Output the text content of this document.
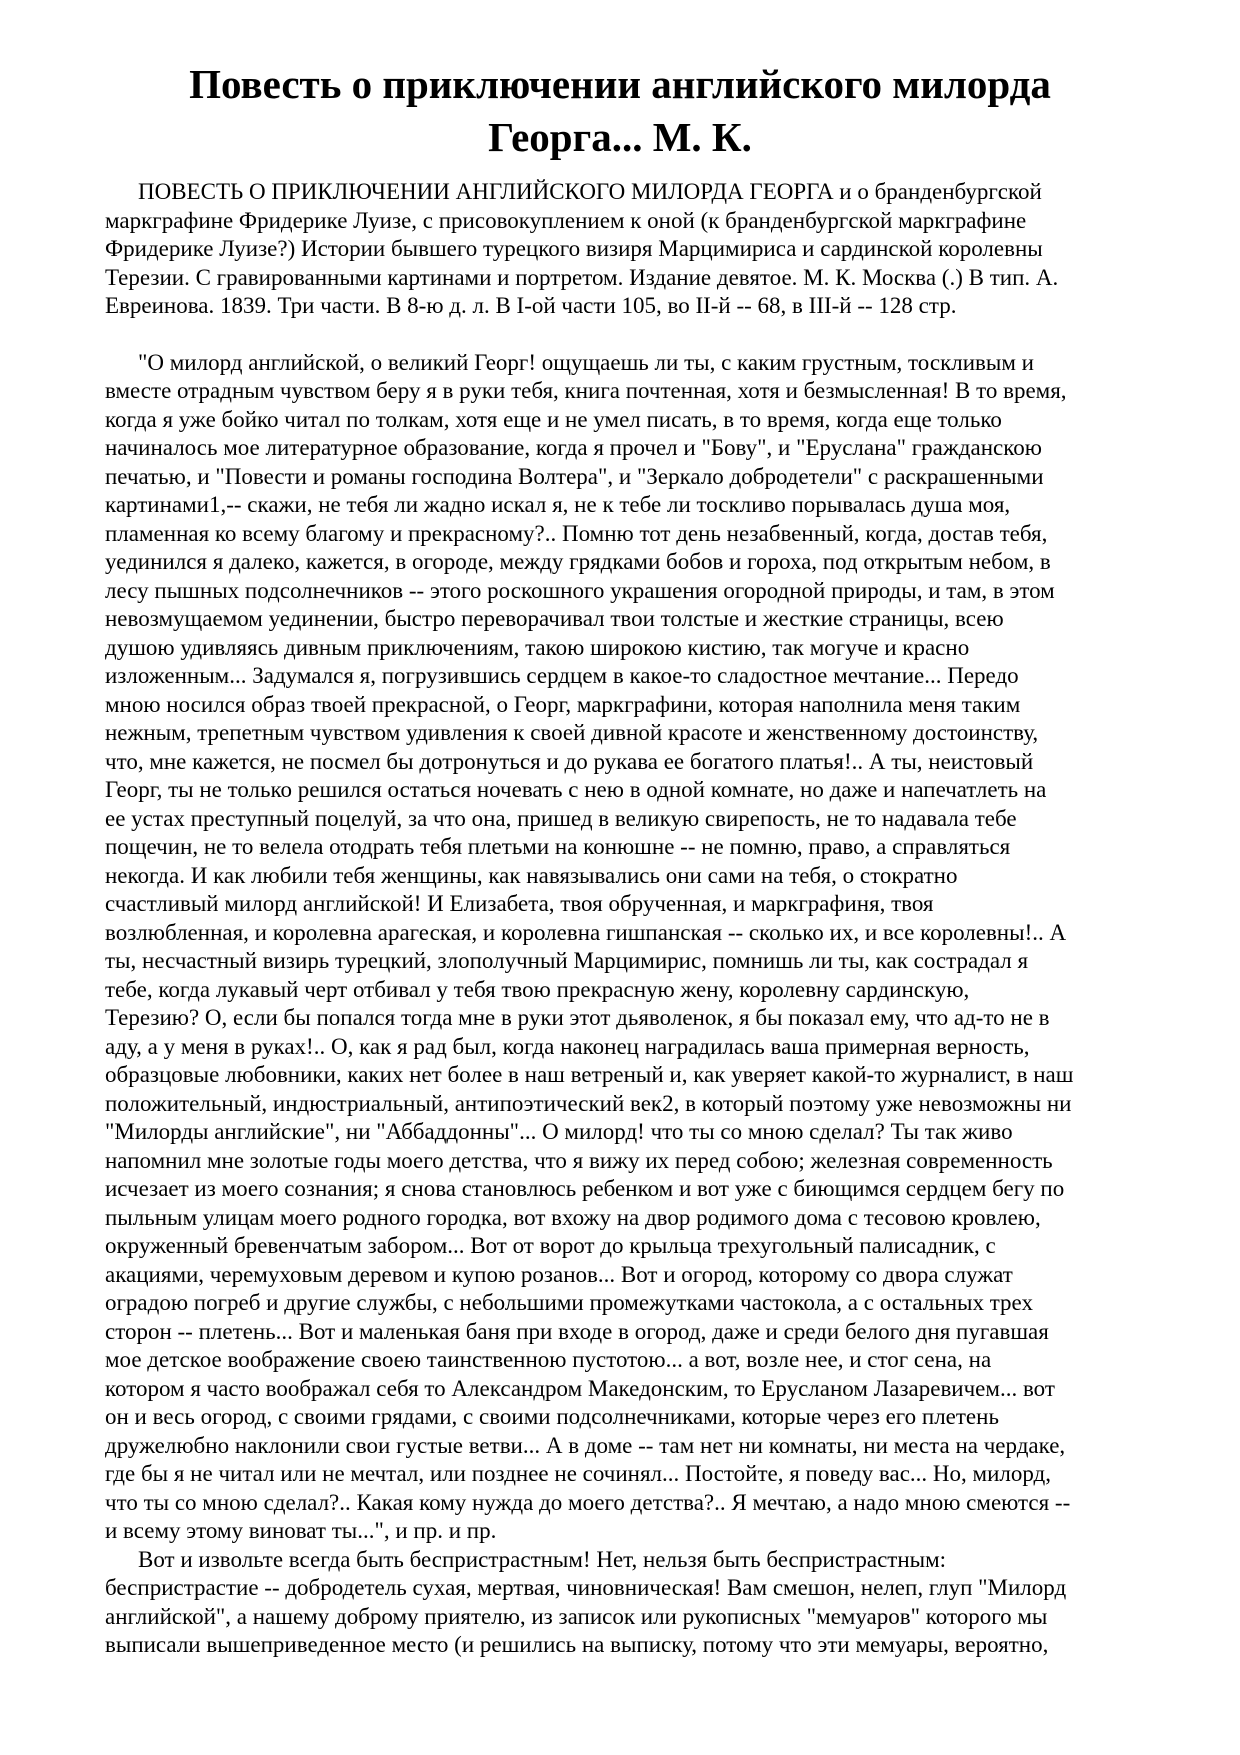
Повесть о приключении английского милорда
Георга... М. К.
ПОВЕСТЬ О ПРИКЛЮЧЕНИИ АНГЛИЙСКОГО МИЛОРДА ГЕОРГА и о бранденбургской
маркграфине Фридерике Луизе, с присовокуплением к оной (к бранденбургской маркграфине
Фридерике Луизе?) Истории бывшего турецкого визиря Марцимириса и сардинской королевны
Терезии. С гравированными картинами и портретом. Издание девятое. М. К. Москва (.) В тип. А.
Евреинова. 1839. Три части. В 8-ю д. л. В I-ой части 105, во II-й -- 68, в III-й -- 128 стр.
"О милорд английской, о великий Георг! ощущаешь ли ты, с каким грустным, тоскливым и
вместе отрадным чувством беру я в руки тебя, книга почтенная, хотя и безмысленная! В то время,
когда я уже бойко читал по толкам, хотя еще и не умел писать, в то время, когда еще только
начиналось мое литературное образование, когда я прочел и "Бову", и "Еруслана" гражданскою
печатью, и "Повести и романы господина Волтера", и "Зеркало добродетели" с раскрашенными
картинами1,-- скажи, не тебя ли жадно искал я, не к тебе ли тоскливо порывалась душа моя,
пламенная ко всему благому и прекрасному?.. Помню тот день незабвенный, когда, достав тебя,
уединился я далеко, кажется, в огороде, между грядками бобов и гороха, под открытым небом, в
лесу пышных подсолнечников -- этого роскошного украшения огородной природы, и там, в этом
невозмущаемом уединении, быстро переворачивал твои толстые и жесткие страницы, всею
душою удивляясь дивным приключениям, такою широкою кистию, так могуче и красно
изложенным... Задумался я, погрузившись сердцем в какое-то сладостное мечтание... Передо
мною носился образ твоей прекрасной, о Георг, маркграфини, которая наполнила меня таким
нежным, трепетным чувством удивления к своей дивной красоте и женственному достоинству,
что, мне кажется, не посмел бы дотронуться и до рукава ее богатого платья!.. А ты, неистовый
Георг, ты не только решился остаться ночевать с нею в одной комнате, но даже и напечатлеть на
ее устах преступный поцелуй, за что она, пришед в великую свирепость, не то надавала тебе
пощечин, не то велела отодрать тебя плетьми на конюшне -- не помню, право, а справляться
некогда. И как любили тебя женщины, как навязывались они сами на тебя, о стократно
счастливый милорд английской! И Елизабета, твоя обрученная, и маркграфиня, твоя
возлюбленная, и королевна арагеская, и королевна гишпанская -- сколько их, и все королевны!.. А
ты, несчастный визирь турецкий, злополучный Марцимирис, помнишь ли ты, как сострадал я
тебе, когда лукавый черт отбивал у тебя твою прекрасную жену, королевну сардинскую,
Терезию? О, если бы попался тогда мне в руки этот дьяволенок, я бы показал ему, что ад-то не в
аду, а у меня в руках!.. О, как я рад был, когда наконец наградилась ваша примерная верность,
образцовые любовники, каких нет более в наш ветреный и, как уверяет какой-то журналист, в наш
положительный, индюстриальный, антипоэтический век2, в который поэтому уже невозможны ни
"Милорды английские", ни "Аббаддонны"... О милорд! что ты со мною сделал? Ты так живо
напомнил мне золотые годы моего детства, что я вижу их перед собою; железная современность
исчезает из моего сознания; я снова становлюсь ребенком и вот уже с биющимся сердцем бегу по
пыльным улицам моего родного городка, вот вхожу на двор родимого дома с тесовою кровлею,
окруженный бревенчатым забором... Вот от ворот до крыльца трехугольный палисадник, с
акациями, черемуховым деревом и купою розанов... Вот и огород, которому со двора служат
оградою погреб и другие службы, с небольшими промежутками частокола, а с остальных трех
сторон -- плетень... Вот и маленькая баня при входе в огород, даже и среди белого дня пугавшая
мое детское воображение своею таинственною пустотою... а вот, возле нее, и стог сена, на
котором я часто воображал себя то Александром Македонским, то Еруcланом Лазаревичем... вот
он и весь огород, с своими грядами, с своими подсолнечниками, которые через его плетень
дружелюбно наклонили свои густые ветви... А в доме -- там нет ни комнаты, ни места на чердаке,
где бы я не читал или не мечтал, или позднее не сочинял... Постойте, я поведу вас... Но, милорд,
что ты со мною сделал?.. Какая кому нужда до моего детства?.. Я мечтаю, а надо мною смеются --
и всему этому виноват ты...", и пр. и пр.
Вот и извольте всегда быть беспристрастным! Нет, нельзя быть беспристрастным:
беспристрастие -- добродетель сухая, мертвая, чиновническая! Вам смешон, нелеп, глуп "Милорд
английской", а нашему доброму приятелю, из записок или рукописных "мемуаров" которого мы
выписали вышеприведенное место (и решились на выписку, потому что эти мемуары, вероятно,
